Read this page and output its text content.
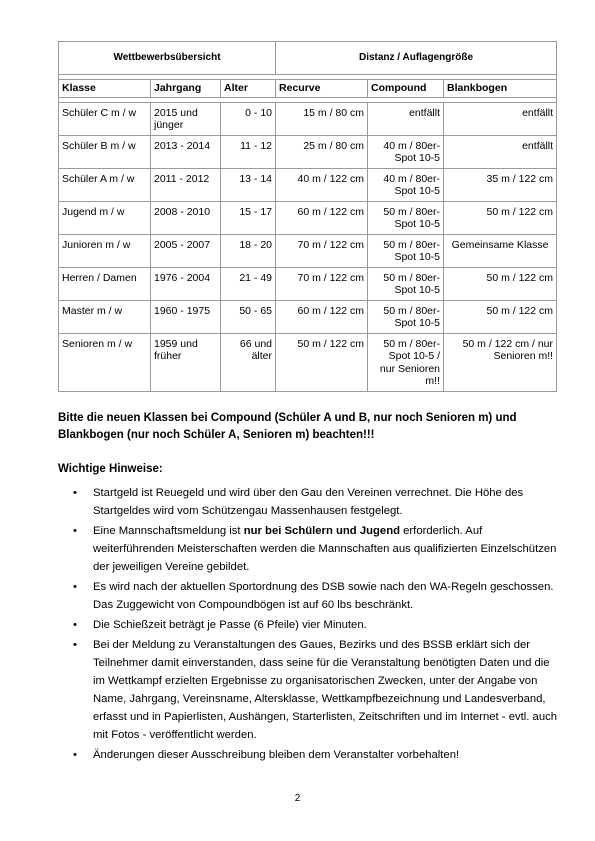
Wettbewerbsübersicht			Distanz / Auflagengröße		

Klasse	Jahrgang	Alter	Recurve	Compound	Blankbogen

Schüler C m / w	2015 und jünger	0 - 10	15 m / 80 cm	entfällt	entfällt
Schüler B m / w	2013 - 2014	11 - 12	25 m / 80 cm	40 m / 80er-Spot 10-5	entfällt
Schüler A m / w	2011 - 2012	13 - 14	40 m / 122 cm	40 m / 80er-Spot 10-5	35 m / 122 cm
Jugend m / w	2008 - 2010	15 - 17	60 m / 122 cm	50 m / 80er-Spot 10-5	50 m / 122 cm
Junioren m / w	2005 - 2007	18 - 20	70 m / 122 cm	50 m / 80er-Spot 10-5	Gemeinsame Klasse
Herren / Damen	1976 - 2004	21 - 49	70 m / 122 cm	50 m / 80er-Spot 10-5	50 m / 122 cm
Master m / w	1960 - 1975	50 - 65	60 m / 122 cm	50 m / 80er-Spot 10-5	50 m / 122 cm
Senioren m / w	1959 und früher	66 und älter	50 m / 122 cm	50 m / 80er-Spot 10-5 / nur Senioren m!!	50 m / 122 cm / nur Senioren m!!
Bitte die neuen Klassen bei Compound (Schüler A und B, nur noch Senioren m) und Blankbogen (nur noch Schüler A, Senioren m) beachten!!!
Wichtige Hinweise:
• Startgeld ist Reuegeld und wird über den Gau den Vereinen verrechnet. Die Höhe des Startgeldes wird vom Schützengau Massenhausen festgelegt.
• Eine Mannschaftsmeldung ist nur bei Schülern und Jugend erforderlich. Auf weiterführenden Meisterschaften werden die Mannschaften aus qualifizierten Einzelschützen der jeweiligen Vereine gebildet.
• Es wird nach der aktuellen Sportordnung des DSB sowie nach den WA-Regeln geschossen. Das Zuggewicht von Compoundbögen ist auf 60 lbs beschränkt.
• Die Schießzeit beträgt je Passe (6 Pfeile) vier Minuten.
• Bei der Meldung zu Veranstaltungen des Gaues, Bezirks und des BSSB erklärt sich der Teilnehmer damit einverstanden, dass seine für die Veranstaltung benötigten Daten und die im Wettkampf erzielten Ergebnisse zu organisatorischen Zwecken, unter der Angabe von Name, Jahrgang, Vereinsname, Altersklasse, Wettkampfbezeichnung und Landesverband, erfasst und in Papierlisten, Aushängen, Starterlisten, Zeitschriften und im Internet - evtl. auch mit Fotos - veröffentlicht werden.
• Änderungen dieser Ausschreibung bleiben dem Veranstalter vorbehalten!
2
